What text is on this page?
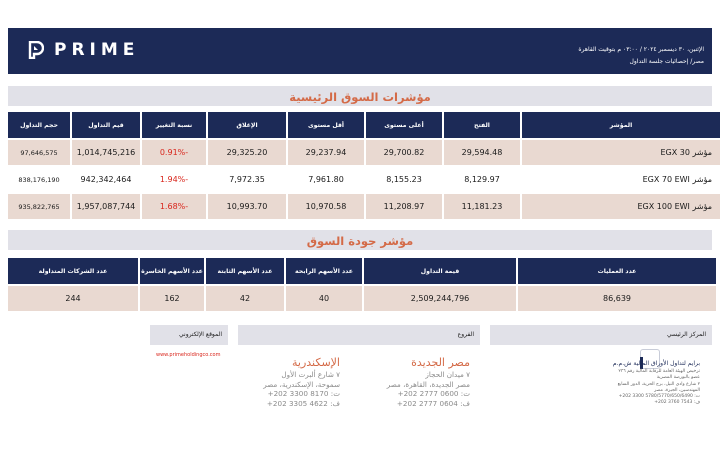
PRIME	الإثنين، ٣٠ ديسمبر ٢٠٢٤ / ٠٣:٠٠ م بتوقيت القاهرة
مصر/ إحصائيات جلسة التداول
مؤشرات السوق الرئيسية
المؤشر	الفتح	أعلى مستوى	أقل مستوى	الإغلاق	نسبة التغيير	قيم التداول	حجم التداول
مؤشر EGX 30	29,594.48	29,700.82	29,237.94	29,325.20	-0.91%	1,014,745,216	97,646,575
مؤشر EGX 70 EWI	8,129.97	8,155.23	7,961.80	7,972.35	-1.94%	942,342,464	838,176,190
مؤشر EGX 100 EWI	11,181.23	11,208.97	10,970.58	10,993.70	-1.68%	1,957,087,744	935,822,765
مؤشر جودة السوق
عدد العمليات	قيمة التداول	عدد الأسهم الرابحة	عدد الأسهم الثابتة	عدد الأسهم الخاسرة	عدد الشركات المتداولة
86,639	2,509,244,796	40	42	162	244
المركز الرئيسي
الفروع
الموقع الإلكتروني
www.primeholdingco.com
مصر الجديدة
٧ ميدان الحجاز
مصر الجديدة، القاهرة، مصر
ت: 0600 2777 202+
ف: 0604 2777 202+
الإسكندرية
٧ شارع ألبرت الأول
سموحة، الإسكندرية، مصر
ت: 8170 3300 202+
ف: 4622 3305 202+
برايم لتداول الأوراق المالية ش.م.م
ترخيص الهيئة العامة للرقابة المالية رقم ٢٣٦
عضو بالبورصة المصرية
٢ شارع وادي النيل، برج الحرية، الدور السابع
المهندسين، الجيزة، مصر
ت: 5780/5770/650/6490 3300 202+
ف: 7543 3760 202+
